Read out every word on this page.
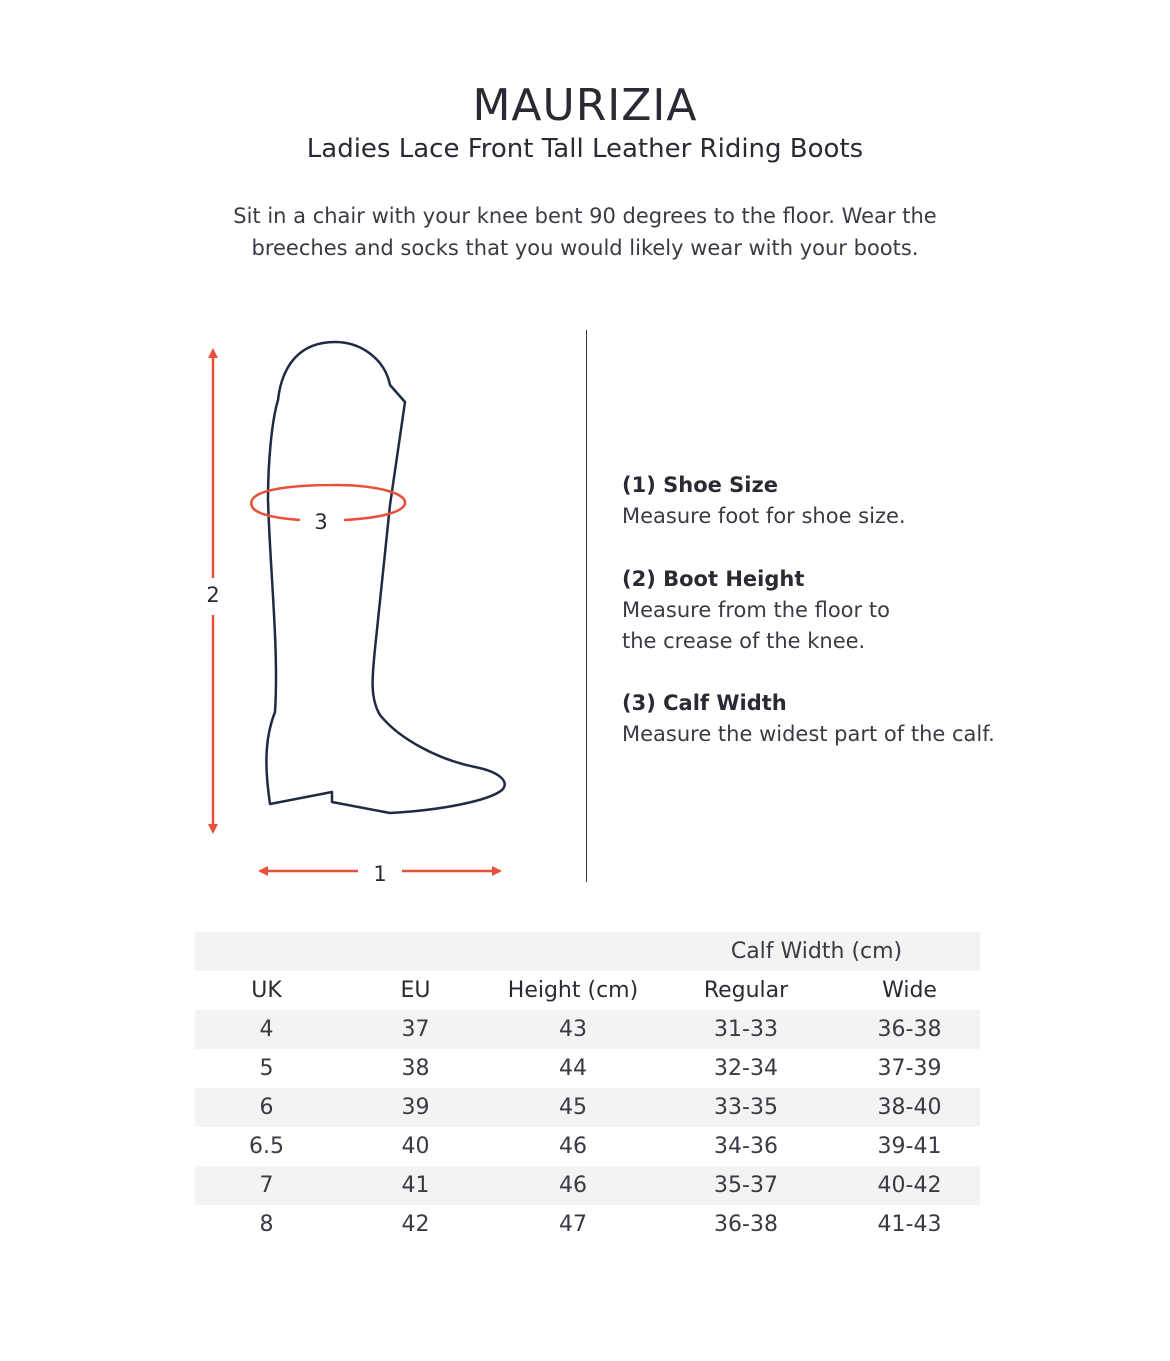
MAURIZIA
Ladies Lace Front Tall Leather Riding Boots
Sit in a chair with your knee bent 90 degrees to the floor. Wear the breeches and socks that you would likely wear with your boots.
3
2
1
(1) Shoe Size
Measure foot for shoe size.
(2) Boot Height
Measure from the floor to the crease of the knee.
(3) Calf Width
Measure the widest part of the calf.
			Calf Width (cm)	
UK	EU	Height (cm)	Regular	Wide
4	37	43	31-33	36-38
5	38	44	32-34	37-39
6	39	45	33-35	38-40
6.5	40	46	34-36	39-41
7	41	46	35-37	40-42
8	42	47	36-38	41-43
